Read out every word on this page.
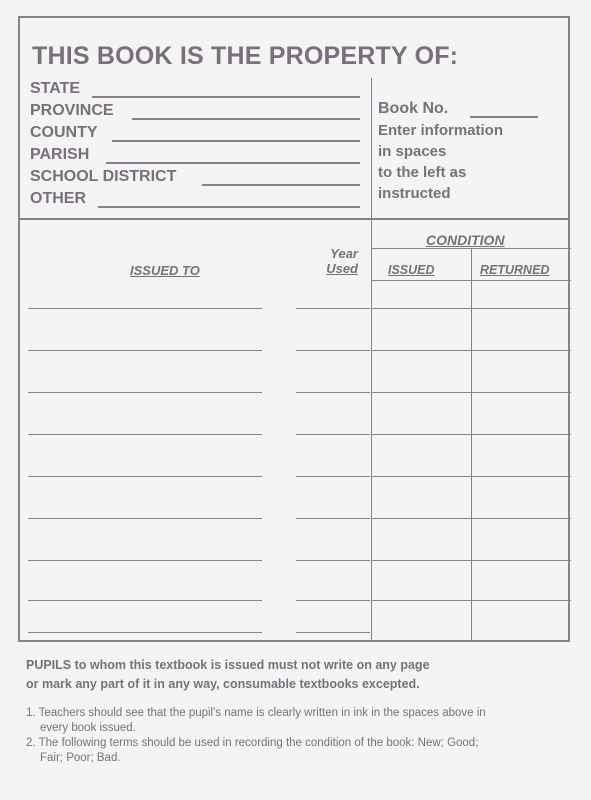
THIS BOOK IS THE PROPERTY OF:
STATE
PROVINCE
COUNTY
PARISH
SCHOOL DISTRICT
OTHER
Book No.
Enter information
in spaces
to the left as
instructed
ISSUED TO
Year
Used
CONDITION
ISSUED	RETURNED
PUPILS to whom this textbook is issued must not write on any page
or mark any part of it in any way, consumable textbooks excepted.
1. Teachers should see that the pupil's name is clearly written in ink in the spaces above in
every book issued.
2. The following terms should be used in recording the condition of the book: New; Good;
Fair; Poor; Bad.
